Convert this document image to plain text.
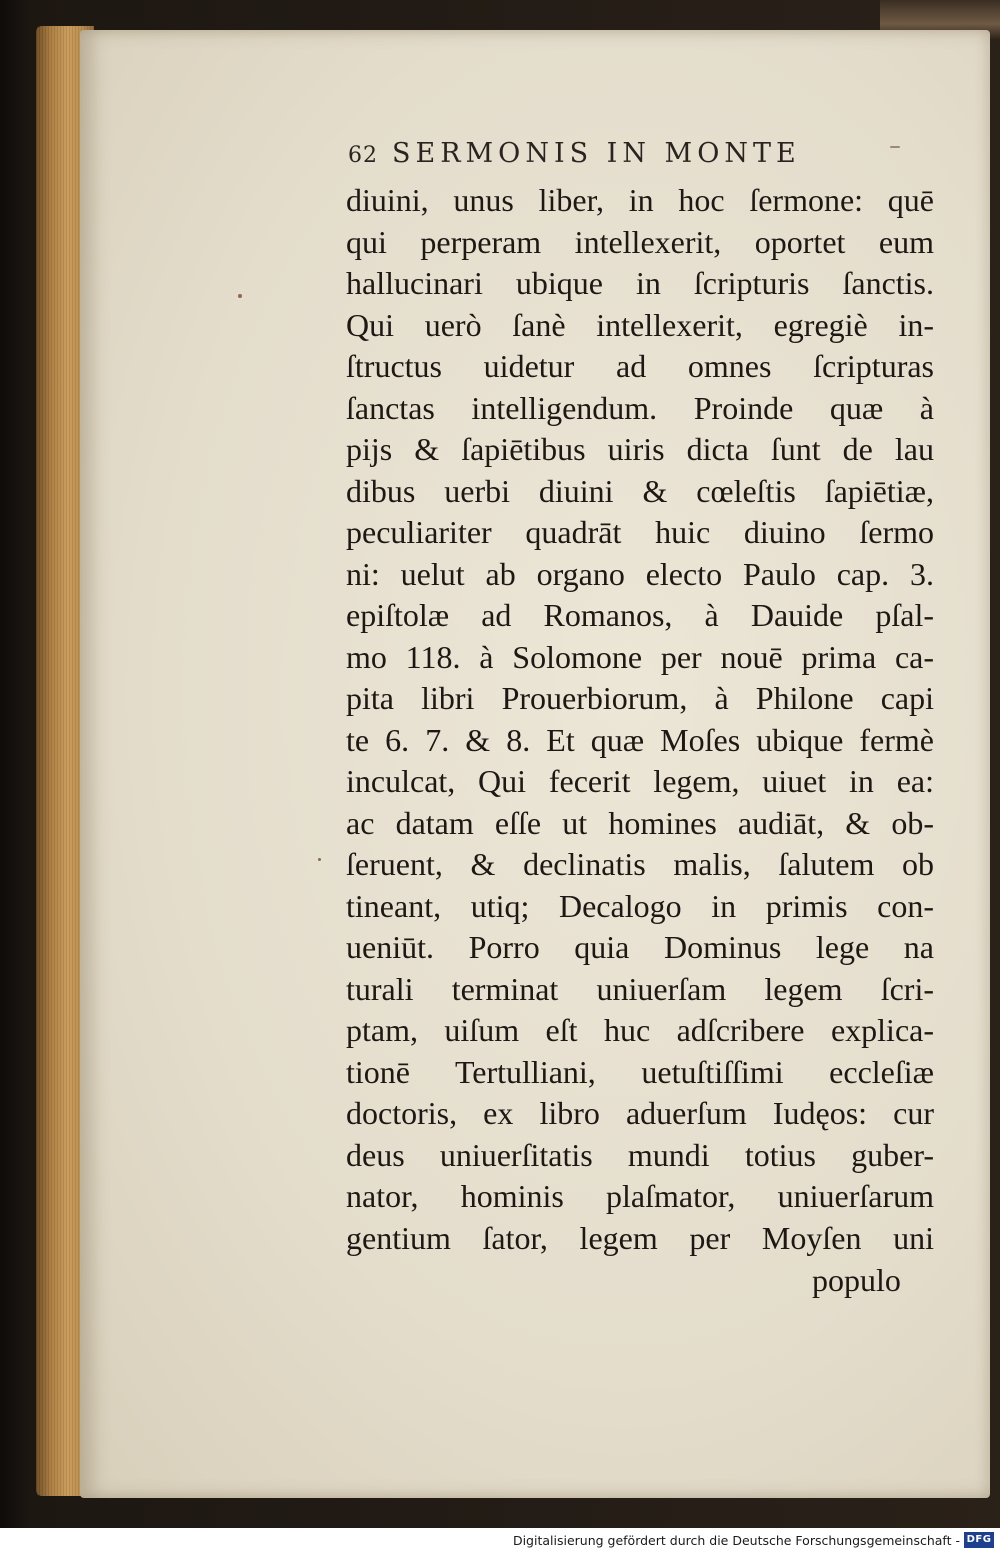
62 SERMONIS IN MONTE
diuini, unus liber, in hoc ſermone: quē
qui perperam intellexerit, oportet eum
hallucinari ubique in ſcripturis ſanctis.
Qui uerò ſanè intellexerit, egregiè in-
ſtructus uidetur ad omnes ſcripturas
ſanctas intelligendum. Proinde quæ à
pijs & ſapiētibus uiris dicta ſunt de lau
dibus uerbi diuini & cœleſtis ſapiētiæ,
peculiariter quadrāt huic diuino ſermo
ni: uelut ab organo electo Paulo cap. 3.
epiſtolæ ad Romanos, à Dauide pſal-
mo 118. à Solomone per nouē prima ca-
pita libri Prouerbiorum, à Philone capi
te 6. 7. & 8. Et quæ Moſes ubique fermè
inculcat, Qui fecerit legem, uiuet in ea:
ac datam eſſe ut homines audiāt, & ob-
ſeruent, & declinatis malis, ſalutem ob
tineant, utiq; Decalogo in primis con-
ueniūt. Porro quia Dominus lege na
turali terminat uniuerſam legem ſcri-
ptam, uiſum eſt huc adſcribere explica-
tionē Tertulliani, uetuſtiſſimi eccleſiæ
doctoris, ex libro aduerſum Iudęos: cur
deus uniuerſitatis mundi totius guber-
nator, hominis plaſmator, uniuerſarum
gentium ſator, legem per Moyſen uni
populo
Digitalisierung gefördert durch die Deutsche Forschungsgemeinschaft - DFG
